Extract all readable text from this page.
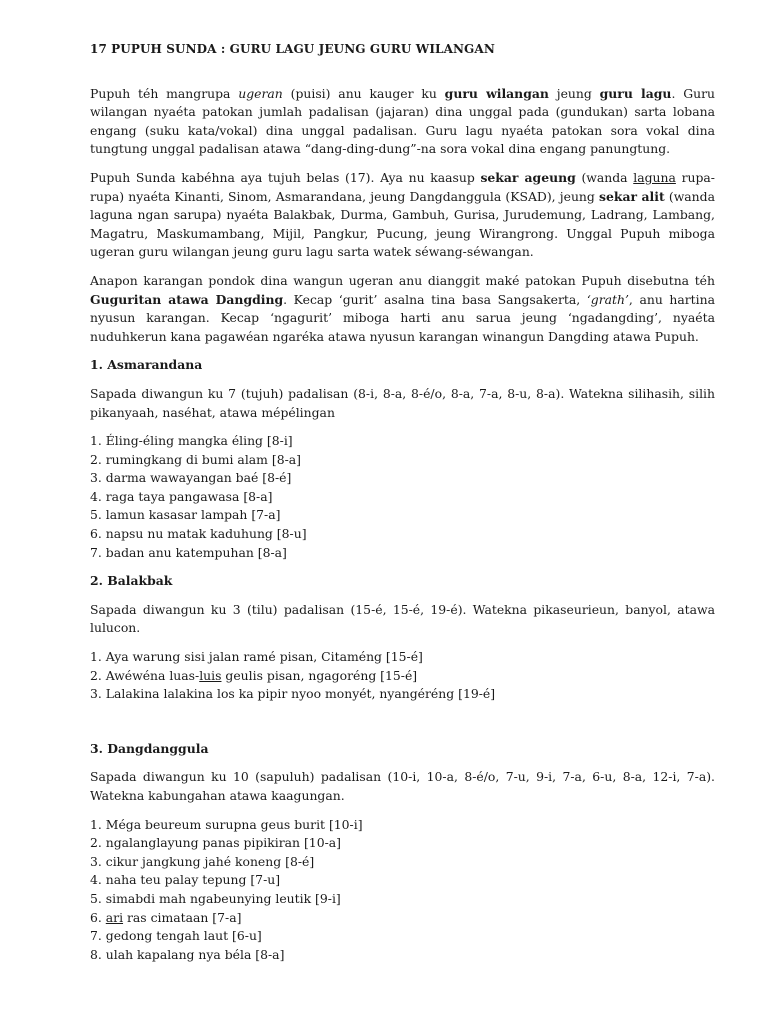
17 PUPUH SUNDA : GURU LAGU JEUNG GURU WILANGAN

Pupuh téh mangrupa ugeran (puisi) anu kauger ku guru wilangan jeung guru lagu. Guru wilangan nyaéta patokan jumlah padalisan (jajaran) dina unggal pada (gundukan) sarta lobana engang (suku kata/vokal) dina unggal padalisan. Guru lagu nyaéta patokan sora vokal dina tungtung unggal padalisan atawa “dang-ding-dung”-na sora vokal dina engang panungtung.

Pupuh Sunda kabéhna aya tujuh belas (17). Aya nu kaasup sekar ageung (wanda laguna rupa-rupa) nyaéta Kinanti, Sinom, Asmarandana, jeung Dangdanggula (KSAD), jeung sekar alit (wanda laguna ngan sarupa) nyaéta Balakbak, Durma, Gambuh, Gurisa, Jurudemung, Ladrang, Lambang, Magatru, Maskumambang, Mijil, Pangkur, Pucung, jeung Wirangrong. Unggal Pupuh miboga ugeran guru wilangan jeung guru lagu sarta watek séwang-séwangan.

Anapon karangan pondok dina wangun ugeran anu dianggit maké patokan Pupuh disebutna téh Guguritan atawa Dangding. Kecap ‘gurit’ asalna tina basa Sangsakerta, ‘grath’, anu hartina nyusun karangan. Kecap ‘ngagurit’ miboga harti anu sarua jeung ‘ngadangding’, nyaéta nuduhkerun kana pagawéan ngaréka atawa nyusun karangan winangun Dangding atawa Pupuh.

1. Asmarandana

Sapada diwangun ku 7 (tujuh) padalisan (8-i, 8-a, 8-é/o, 8-a, 7-a, 8-u, 8-a). Watekna silihasih, silih pikanyaah, naséhat, atawa mépélingan

1. Éling-éling mangka éling [8-i]
2. rumingkang di bumi alam [8-a]
3. darma wawayangan baé [8-é]
4. raga taya pangawasa [8-a]
5. lamun kasasar lampah [7-a]
6. napsu nu matak kaduhung [8-u]
7. badan anu katempuhan [8-a]

2. Balakbak

Sapada diwangun ku 3 (tilu) padalisan (15-é, 15-é, 19-é). Watekna pikaseurieun, banyol, atawa lulucon.

1. Aya warung sisi jalan ramé pisan, Citaméng [15-é]
2. Awéwéna luas-luis geulis pisan, ngagoréng [15-é]
3. Lalakina lalakina los ka pipir nyoo monyét, nyangéréng [19-é]

3. Dangdanggula

Sapada diwangun ku 10 (sapuluh) padalisan (10-i, 10-a, 8-é/o, 7-u, 9-i, 7-a, 6-u, 8-a, 12-i, 7-a). Watekna kabungahan atawa kaagungan.

1. Méga beureum surupna geus burit [10-i]
2. ngalanglayung panas pipikiran [10-a]
3. cikur jangkung jahé koneng [8-é]
4. naha teu palay tepung [7-u]
5. simabdi mah ngabeunying leutik [9-i]
6. ari ras cimataan [7-a]
7. gedong tengah laut [6-u]
8. ulah kapalang nya béla [8-a]
